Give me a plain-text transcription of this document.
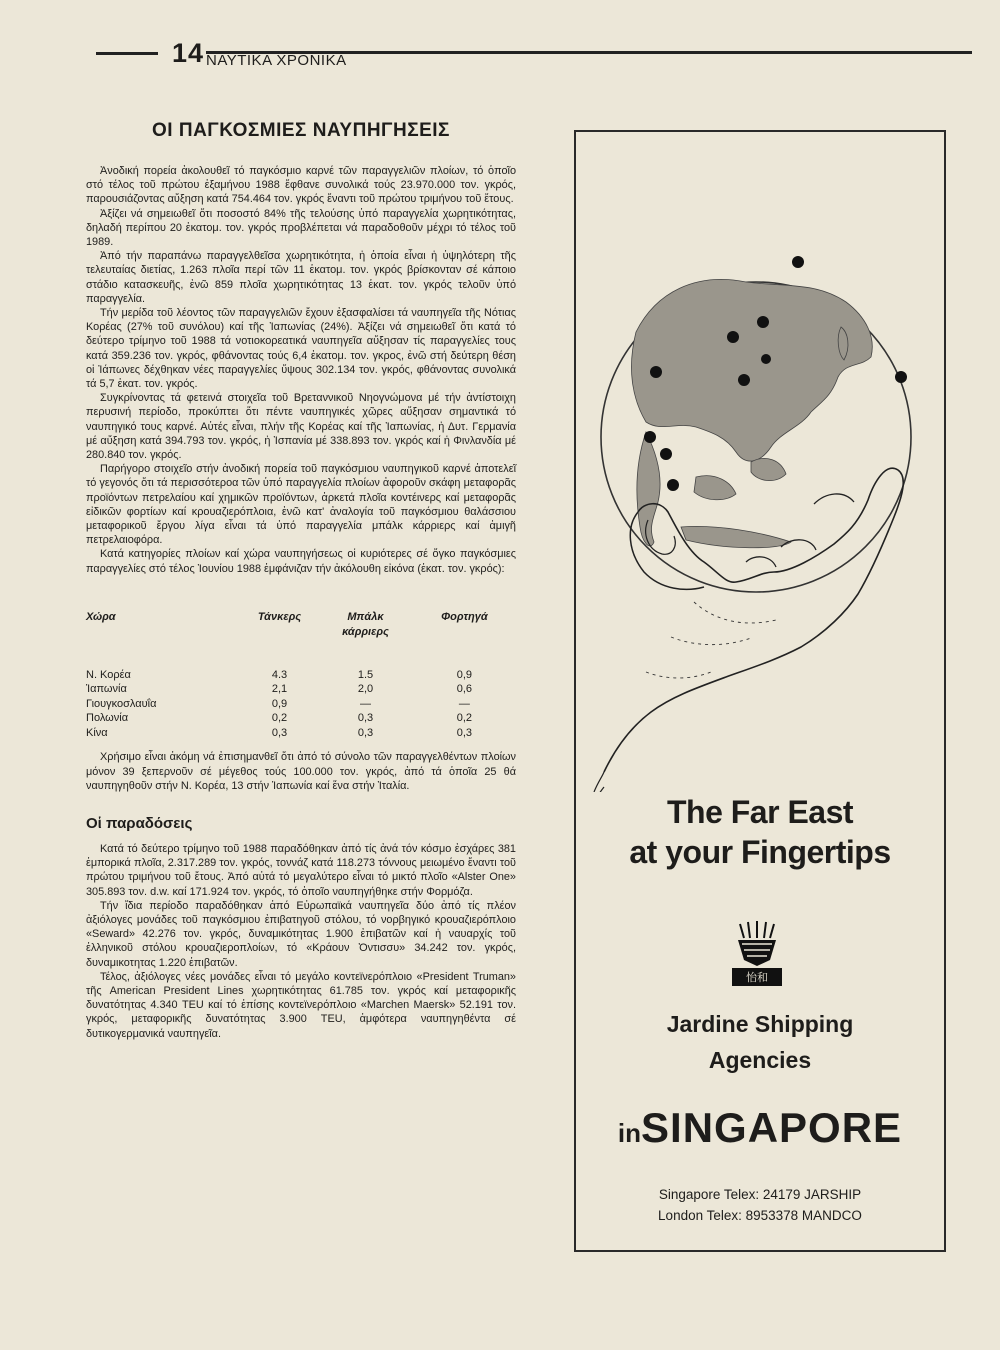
14 ΝΑΥΤΙΚΑ ΧΡΟΝΙΚΑ
ΟΙ ΠΑΓΚΟΣΜΙΕΣ ΝΑΥΠΗΓΗΣΕΙΣ

Ἀνοδική πορεία ἀκολουθεῖ τό παγκόσμιο καρνέ τῶν παραγγελιῶν πλοίων, τό ὁποῖο στό τέλος τοῦ πρώτου ἑξαμήνου 1988 ἔφθανε συνολικά τούς 23.970.000 τον. γκρός, παρουσιάζοντας αὔξηση κατά 754.464 τον. γκρός ἔναντι τοῦ πρώτου τριμήνου τοῦ ἔτους.

Ἀξίζει νά σημειωθεῖ ὅτι ποσοστό 84% τῆς τελούσης ὑπό παραγγελία χωρητικότητας, δηλαδή περίπου 20 ἑκατομ. τον. γκρός προβλέπεται νά παραδοθοῦν μέχρι τό τέλος τοῦ 1989.

Ἀπό τήν παραπάνω παραγγελθεῖσα χωρητικότητα, ἡ ὁποία εἶναι ἡ ὑψηλότερη τῆς τελευταίας διετίας, 1.263 πλοῖα περί τῶν 11 ἑκατομ. τον. γκρός βρίσκονταν σέ κάποιο στάδιο κατασκευῆς, ἐνῶ 859 πλοῖα χωρητικότητας 13 ἑκατ. τον. γκρός τελοῦν ὑπό παραγγελία.

Τήν μερίδα τοῦ λέοντος τῶν παραγγελιῶν ἔχουν ἐξασφαλίσει τά ναυπηγεῖα τῆς Νότιας Κορέας (27% τοῦ συνόλου) καί τῆς Ἰαπωνίας (24%). Ἀξίζει νά σημειωθεῖ ὅτι κατά τό δεύτερο τρίμηνο τοῦ 1988 τά νοτιοκορεατικά ναυπηγεῖα αὔξησαν τίς παραγγελίες τους κατά 359.236 τον. γκρός, φθάνοντας τούς 6,4 ἑκατομ. τον. γκρος, ἐνῶ στή δεύτερη θέση οἱ Ἰάπωνες δέχθηκαν νέες παραγγελίες ὕψους 302.134 τον. γκρός, φθάνοντας συνολικά τά 5,7 ἑκατ. τον. γκρός.

Συγκρίνοντας τά φετεινά στοιχεῖα τοῦ Βρεταννικοῦ Νηογνώμονα μέ τήν ἀντίστοιχη περυσινή περίοδο, προκύπτει ὅτι πέντε ναυπηγικές χῶρες αὔξησαν σημαντικά τό ναυπηγικό τους καρνέ. Αὐτές εἶναι, πλήν τῆς Κορέας καί τῆς Ἰαπωνίας, ἡ Δυτ. Γερμανία μέ αὔξηση κατά 394.793 τον. γκρός, ἡ Ἱσπανία μέ 338.893 τον. γκρός καί ἡ Φινλανδία μέ 280.840 τον. γκρός.

Παρήγορο στοιχεῖο στήν ἀνοδική πορεία τοῦ παγκόσμιου ναυπηγικοῦ καρνέ ἀποτελεῖ τό γεγονός ὅτι τά περισσότεροα τῶν ὑπό παραγγελία πλοίων ἀφοροῦν σκάφη μεταφορᾶς προϊόντων πετρελαίου καί χημικῶν προϊόντων, ἀρκετά πλοῖα κοντέινερς καί μεταφορᾶς εἰδικῶν φορτίων καί κρουαζιερόπλοια, ἐνῶ κατ' ἀναλογία τοῦ παγκόσμιου θαλάσσιου μεταφορικοῦ ἔργου λίγα εἶναι τά ὑπό παραγγελία μπάλκ κάρριερς καί ἀμιγῆ πετρελαιοφόρα.

Κατά κατηγορίες πλοίων καί χώρα ναυπηγήσεως οἱ κυριότερες σέ ὄγκο παγκόσμιες παραγγελίες στό τέλος Ἰουνίου 1988 ἐμφάνιζαν τήν ἀκόλουθη εἰκόνα (ἑκατ. τον. γκρός):

Χώρα	Τάνκερς	Μπάλκ κάρριερς	Φορτηγά
Ν. Κορέα	4.3	1.5	0,9
Ἰαπωνία	2,1	2,0	0,6
Γιουγκοσλαυΐα	0,9	—	—
Πολωνία	0,2	0,3	0,2
Κίνα	0,3	0,3	0,3

Χρήσιμο εἶναι ἀκόμη νά ἐπισημανθεῖ ὅτι ἀπό τό σύνολο τῶν παραγγελθέντων πλοίων μόνον 39 ξεπερνοῦν σέ μέγεθος τούς 100.000 τον. γκρός, ἀπό τά ὁποῖα 25 θά ναυπηγηθοῦν στήν Ν. Κορέα, 13 στήν Ἰαπωνία καί ἕνα στήν Ἰταλία.

Οἱ παραδόσεις

Κατά τό δεύτερο τρίμηνο τοῦ 1988 παραδόθηκαν ἀπό τίς ἀνά τόν κόσμο ἐσχάρες 381 ἐμπορικά πλοῖα, 2.317.289 τον. γκρός, τοννάζ κατά 118.273 τόννους μειωμένο ἔναντι τοῦ πρώτου τριμήνου τοῦ ἔτους. Ἀπό αὐτά τό μεγαλύτερο εἶναι τό μικτό πλοῖο «Alster One» 305.893 τον. d.w. καί 171.924 τον. γκρός, τό ὁποῖο ναυπηγήθηκε στήν Φορμόζα.

Τήν ἴδια περίοδο παραδόθηκαν ἀπό Εὐρωπαϊκά ναυπηγεῖα δύο ἀπό τίς πλέον ἀξιόλογες μονάδες τοῦ παγκόσμιου ἐπιβατηγοῦ στόλου, τό νορβηγικό κρουαζιερόπλοιο «Seward» 42.276 τον. γκρός, δυναμικότητας 1.900 ἐπιβατῶν καί ἡ ναυαρχίς τοῦ ἑλληνικοῦ στόλου κρουαζιεροπλοίων, τό «Κράουν Ὀντισσυ» 34.242 τον. γκρός, δυναμικοτητας 1.220 ἐπιβατῶν.

Τέλος, ἀξιόλογες νέες μονάδες εἶναι τό μεγάλο κοντεϊνερόπλοιο «President Truman» τῆς American President Lines χωρητικότητας 61.785 τον. γκρός καί μεταφορικῆς δυνατότητας 4.340 TEU καί τό ἐπίσης κοντεϊνερόπλοιο «Marchen Maersk» 52.191 τον. γκρός, μεταφορικῆς δυνατότητας 3.900 TEU, ἀμφότερα ναυπηγηθέντα σέ δυτικογερμανικά ναυπηγεῖα.

The Far East
at your Fingertips
怡和
Jardine Shipping
Agencies
inSINGAPORE
Singapore Telex: 24179 JARSHIP
London Telex: 8953378 MANDCO
